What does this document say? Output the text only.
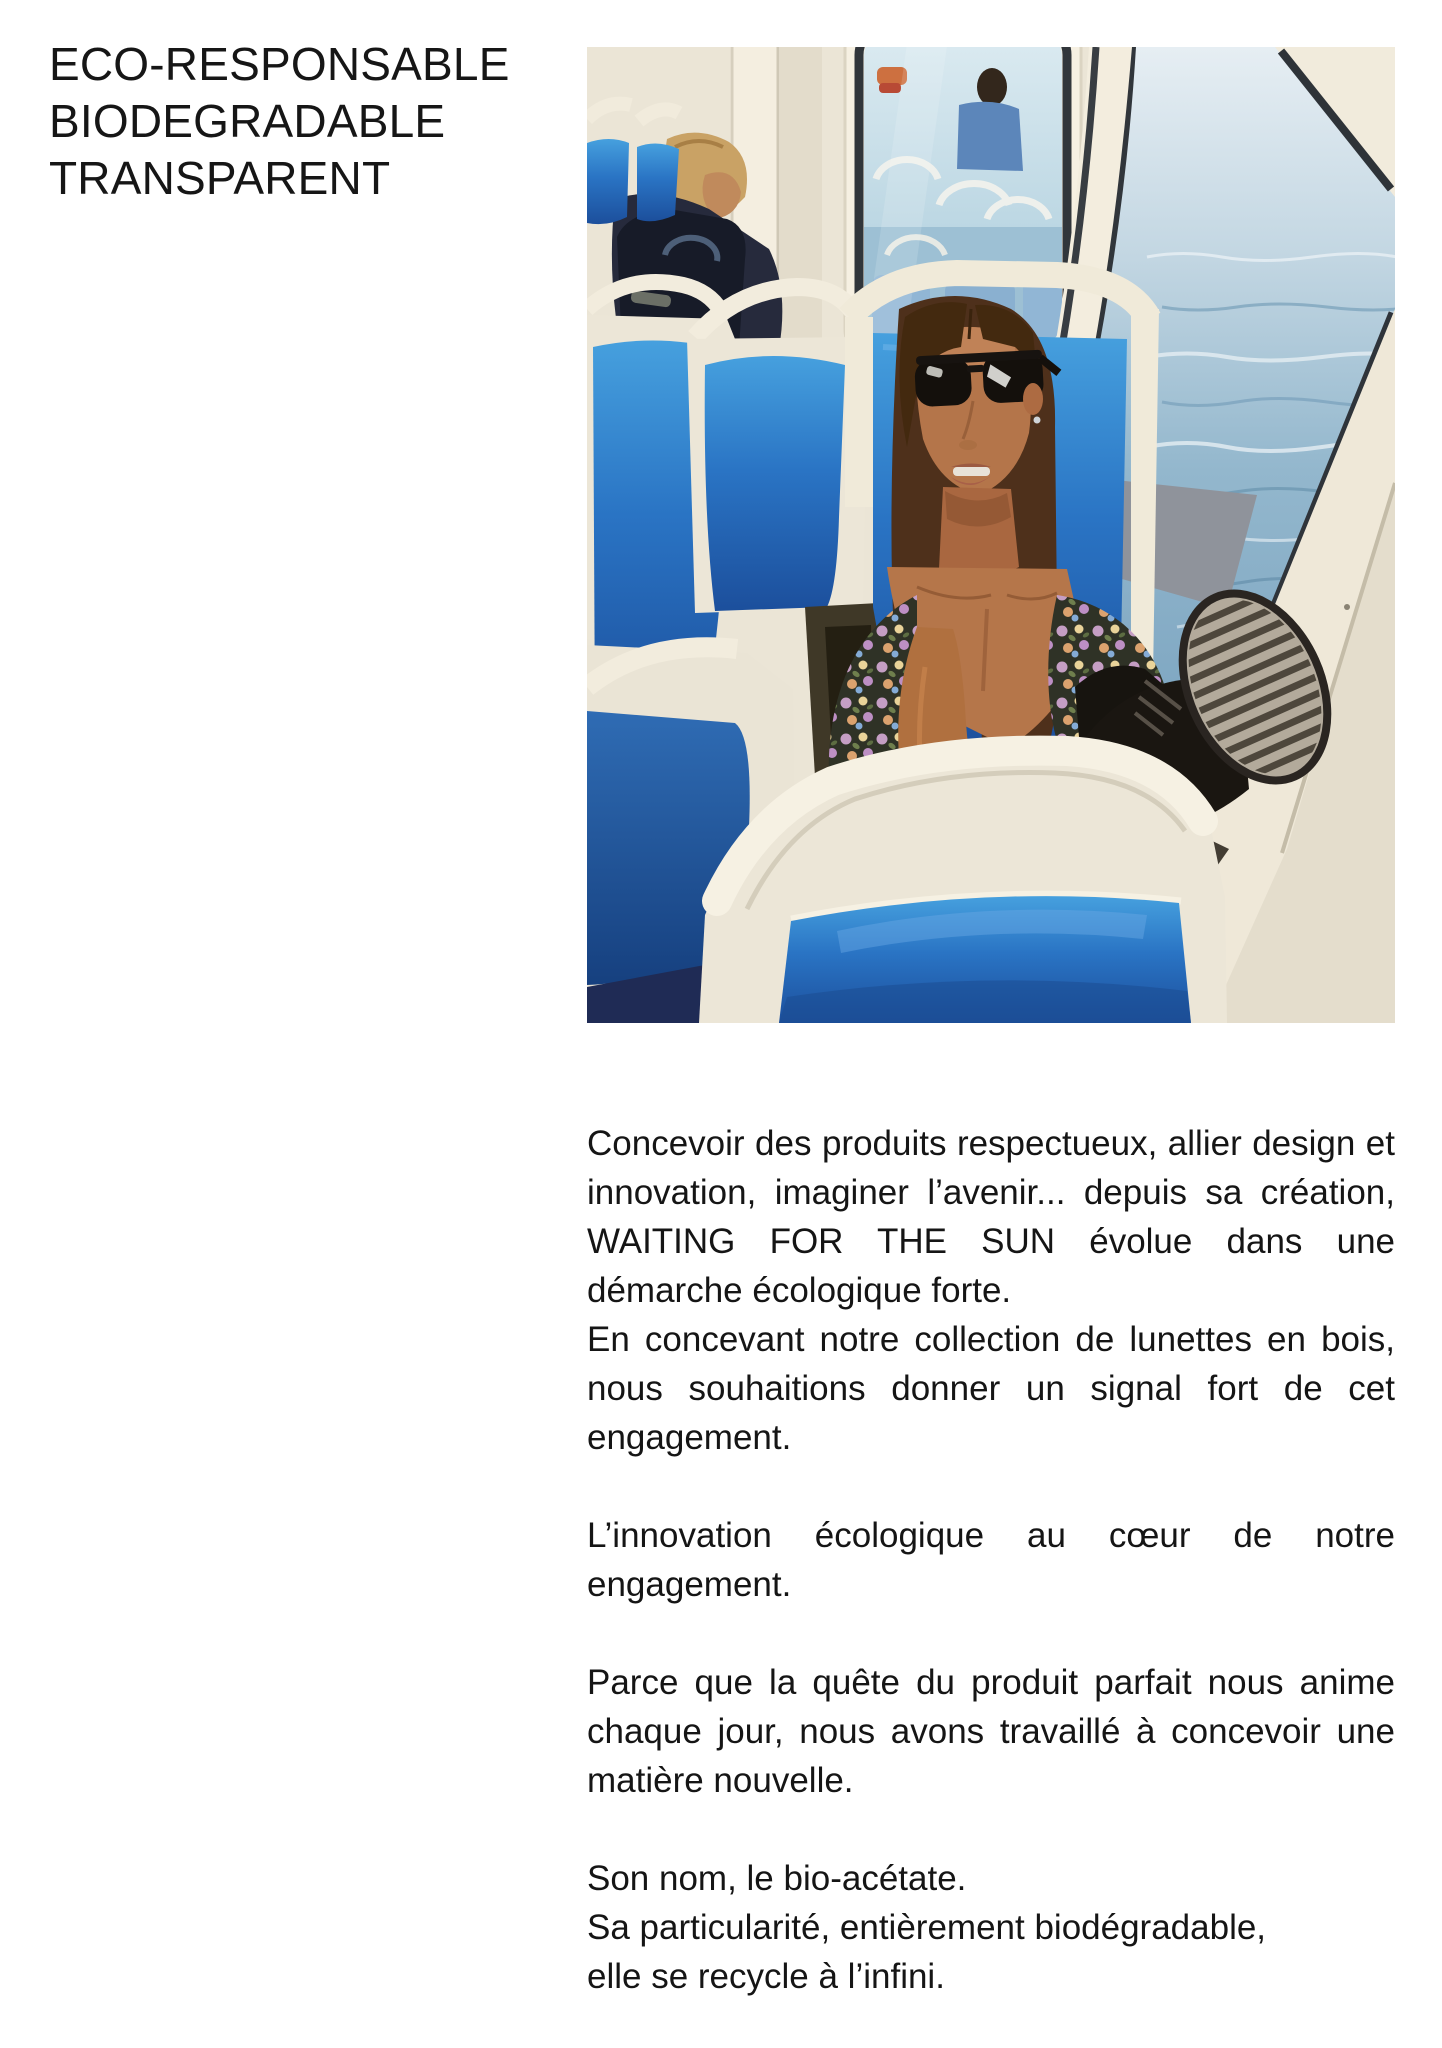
ECO-RESPONSABLE
BIODEGRADABLE
TRANSPARENT

Concevoir des produits respectueux, allier design et innovation, imaginer l’avenir... depuis sa création, WAITING FOR THE SUN évolue dans une démarche écologique forte.

En concevant notre collection de lunettes en bois, nous souhaitions donner un signal fort de cet engagement.

L’innovation écologique au cœur de notre engagement.

Parce que la quête du produit parfait nous anime chaque jour, nous avons travaillé à concevoir une matière nouvelle.

Son nom, le bio-acétate.

Sa particularité, entièrement biodégradable,

elle se recycle à l’infini.
